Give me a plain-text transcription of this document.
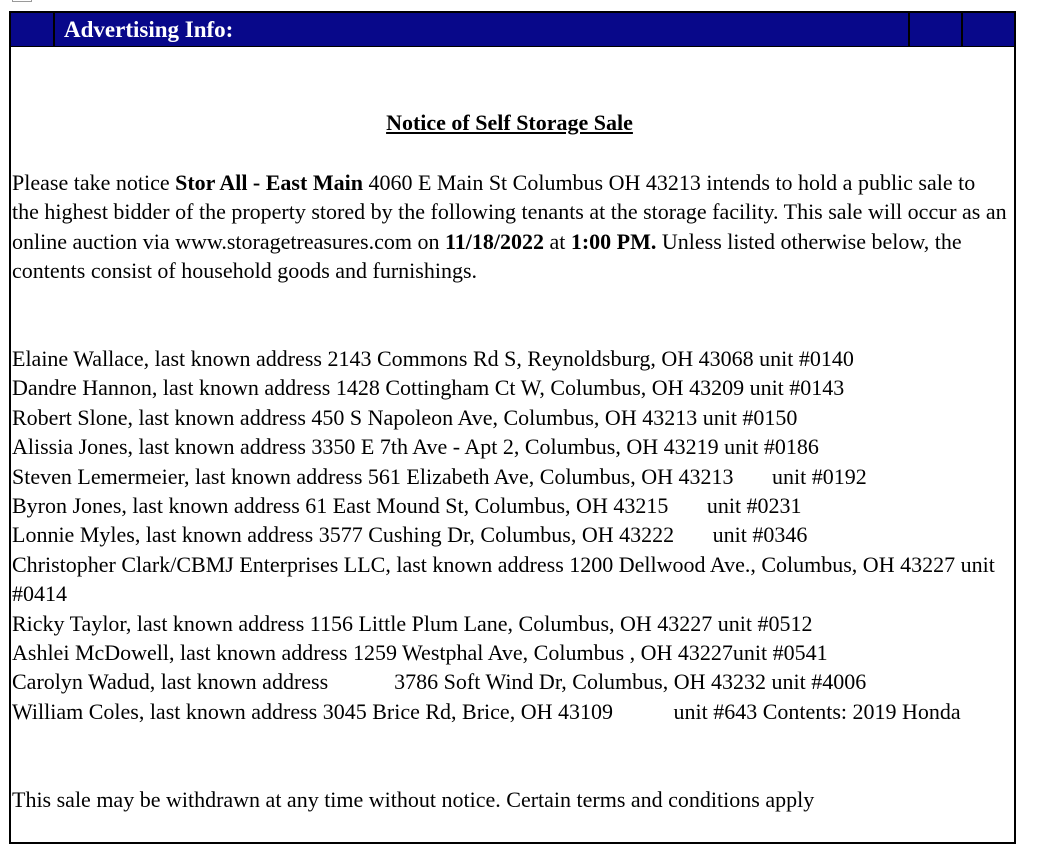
Advertising Info:
Notice of Self Storage Sale
Please take notice Stor All - East Main 4060 E Main St Columbus OH 43213 intends to hold a public sale to the highest bidder of the property stored by the following tenants at the storage facility. This sale will occur as an online auction via www.storagetreasures.com on 11/18/2022 at 1:00 PM. Unless listed otherwise below, the contents consist of household goods and furnishings.
Elaine Wallace, last known address 2143 Commons Rd S, Reynoldsburg, OH 43068 unit #0140
Dandre Hannon, last known address 1428 Cottingham Ct W, Columbus, OH 43209 unit #0143
Robert Slone, last known address 450 S Napoleon Ave, Columbus, OH 43213 unit #0150
Alissia Jones, last known address 3350 E 7th Ave - Apt 2, Columbus, OH 43219 unit #0186
Steven Lemermeier, last known address 561 Elizabeth Ave, Columbus, OH 43213       unit #0192
Byron Jones, last known address 61 East Mound St, Columbus, OH 43215       unit #0231
Lonnie Myles, last known address 3577 Cushing Dr, Columbus, OH 43222       unit #0346
Christopher Clark/CBMJ Enterprises LLC, last known address 1200 Dellwood Ave., Columbus, OH 43227 unit #0414
Ricky Taylor, last known address 1156 Little Plum Lane, Columbus, OH 43227 unit #0512
Ashlei McDowell, last known address 1259 Westphal Ave, Columbus , OH 43227unit #0541
Carolyn Wadud, last known address            3786 Soft Wind Dr, Columbus, OH 43232 unit #4006
William Coles, last known address 3045 Brice Rd, Brice, OH 43109           unit #643 Contents: 2019 Honda
This sale may be withdrawn at any time without notice. Certain terms and conditions apply
